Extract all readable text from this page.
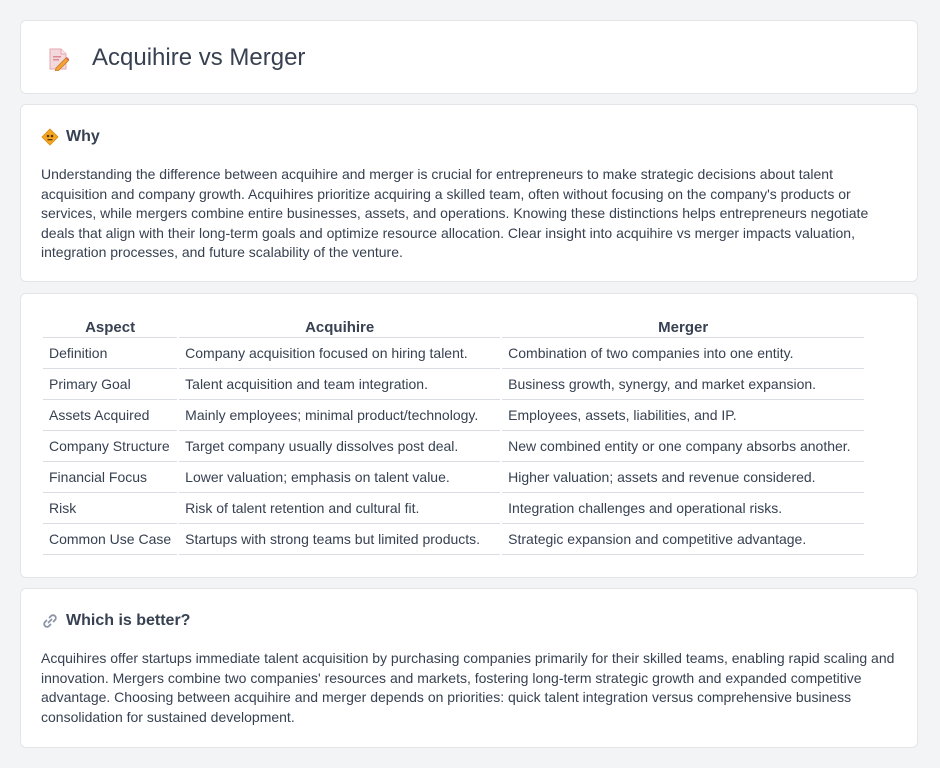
Acquihire vs Merger
Why

Understanding the difference between acquihire and merger is crucial for entrepreneurs to make strategic decisions about talent acquisition and company growth. Acquihires prioritize acquiring a skilled team, often without focusing on the company's products or services, while mergers combine entire businesses, assets, and operations. Knowing these distinctions helps entrepreneurs negotiate deals that align with their long-term goals and optimize resource allocation. Clear insight into acquihire vs merger impacts valuation, integration processes, and future scalability of the venture.

Aspect	Acquihire	Merger
Definition	Company acquisition focused on hiring talent.	Combination of two companies into one entity.
Primary Goal	Talent acquisition and team integration.	Business growth, synergy, and market expansion.
Assets Acquired	Mainly employees; minimal product/technology.	Employees, assets, liabilities, and IP.
Company Structure	Target company usually dissolves post deal.	New combined entity or one company absorbs another.
Financial Focus	Lower valuation; emphasis on talent value.	Higher valuation; assets and revenue considered.
Risk	Risk of talent retention and cultural fit.	Integration challenges and operational risks.
Common Use Case	Startups with strong teams but limited products.	Strategic expansion and competitive advantage.
Which is better?

Acquihires offer startups immediate talent acquisition by purchasing companies primarily for their skilled teams, enabling rapid scaling and innovation. Mergers combine two companies' resources and markets, fostering long-term strategic growth and expanded competitive advantage. Choosing between acquihire and merger depends on priorities: quick talent integration versus comprehensive business consolidation for sustained development.
